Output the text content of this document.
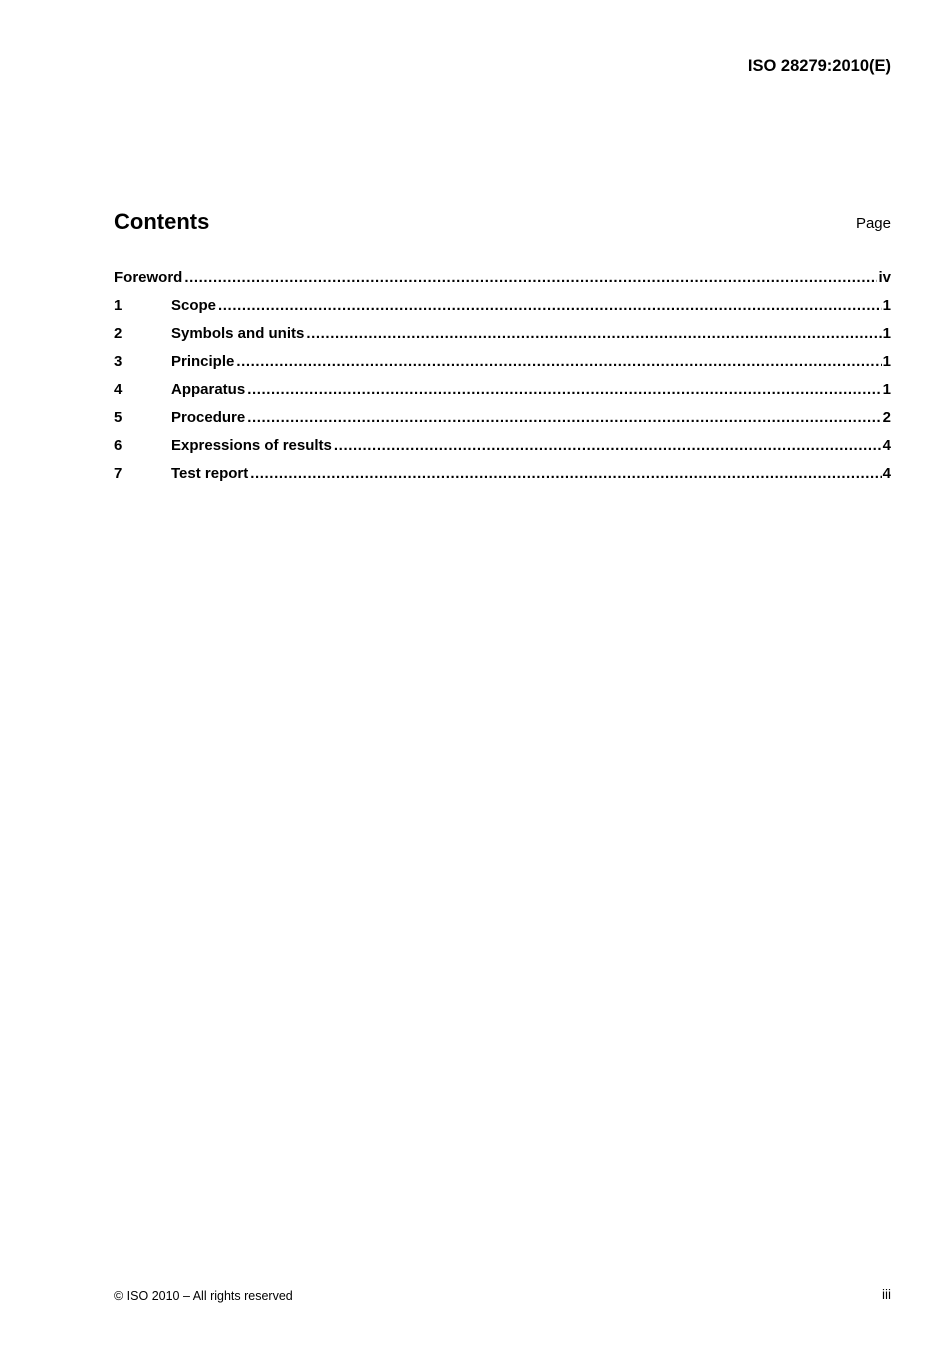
ISO 28279:2010(E)
Contents	Page
Foreword .....	iv
1	Scope .....	1
2	Symbols and units .....	1
3	Principle .....	1
4	Apparatus .....	1
5	Procedure .....	2
6	Expressions of results .....	4
7	Test report .....	4
© ISO 2010 – All rights reserved	iii
